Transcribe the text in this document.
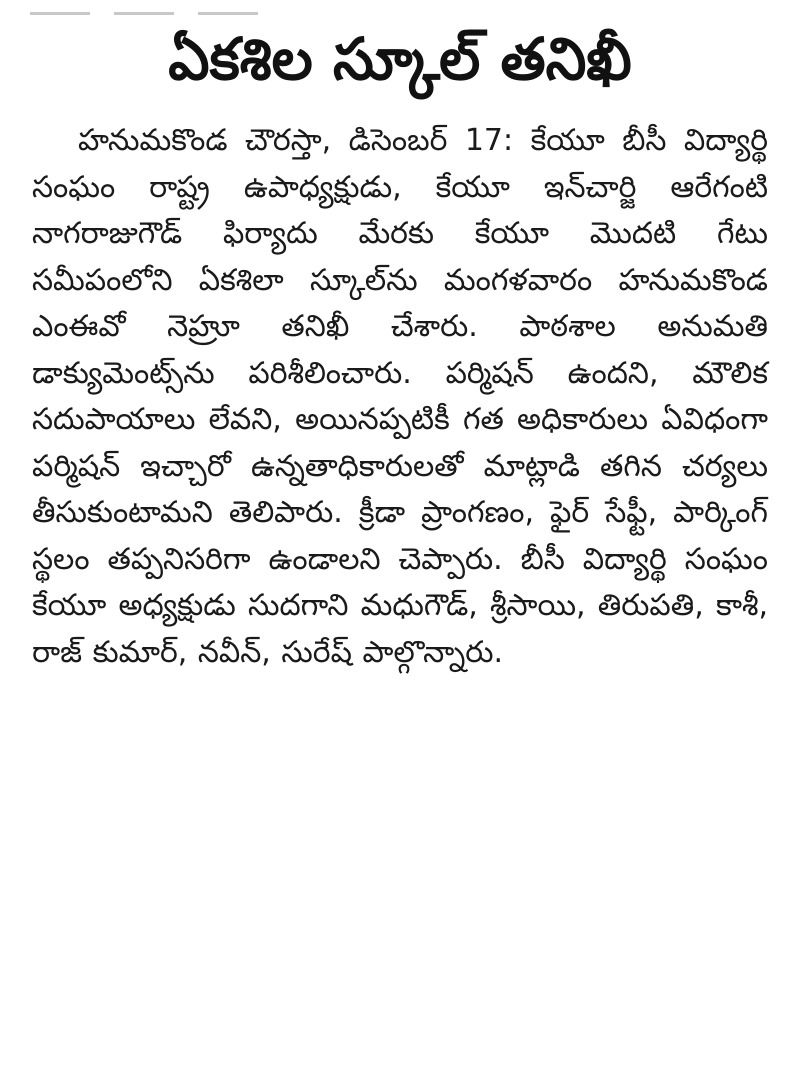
ఏకశిల స్కూల్ తనిఖీ

హనుమకొండ చౌరస్తా, డిసెంబర్ 17: కేయూ బీసీ విద్యార్థి సంఘం రాష్ట్ర ఉపాధ్యక్షుడు, కేయూ ఇన్‌చార్జి ఆరేగంటి నాగరాజుగౌడ్ ఫిర్యాదు మేరకు కేయూ మొదటి గేటు సమీపంలోని ఏకశిలా స్కూల్‌ను మంగళవారం హనుమకొండ ఎంఈవో నెహ్రూ తనిఖీ చేశారు. పాఠశాల అనుమతి డాక్యుమెంట్స్‌ను పరిశీలించారు. పర్మిషన్ ఉందని, మౌలిక సదుపాయాలు లేవని, అయినప్పటికీ గత అధికారులు ఏవిధంగా పర్మిషన్ ఇచ్చారో ఉన్నతాధికారులతో మాట్లాడి తగిన చర్యలు తీసుకుంటామని తెలిపారు. క్రీడా ప్రాంగణం, ఫైర్ సేఫ్టీ, పార్కింగ్ స్థలం తప్పనిసరిగా ఉండాలని చెప్పారు. బీసీ విద్యార్థి సంఘం కేయూ అధ్యక్షుడు సుదగాని మధుగౌడ్, శ్రీసాయి, తిరుపతి, కాశీ, రాజ్ కుమార్, నవీన్, సురేష్ పాల్గొన్నారు.
